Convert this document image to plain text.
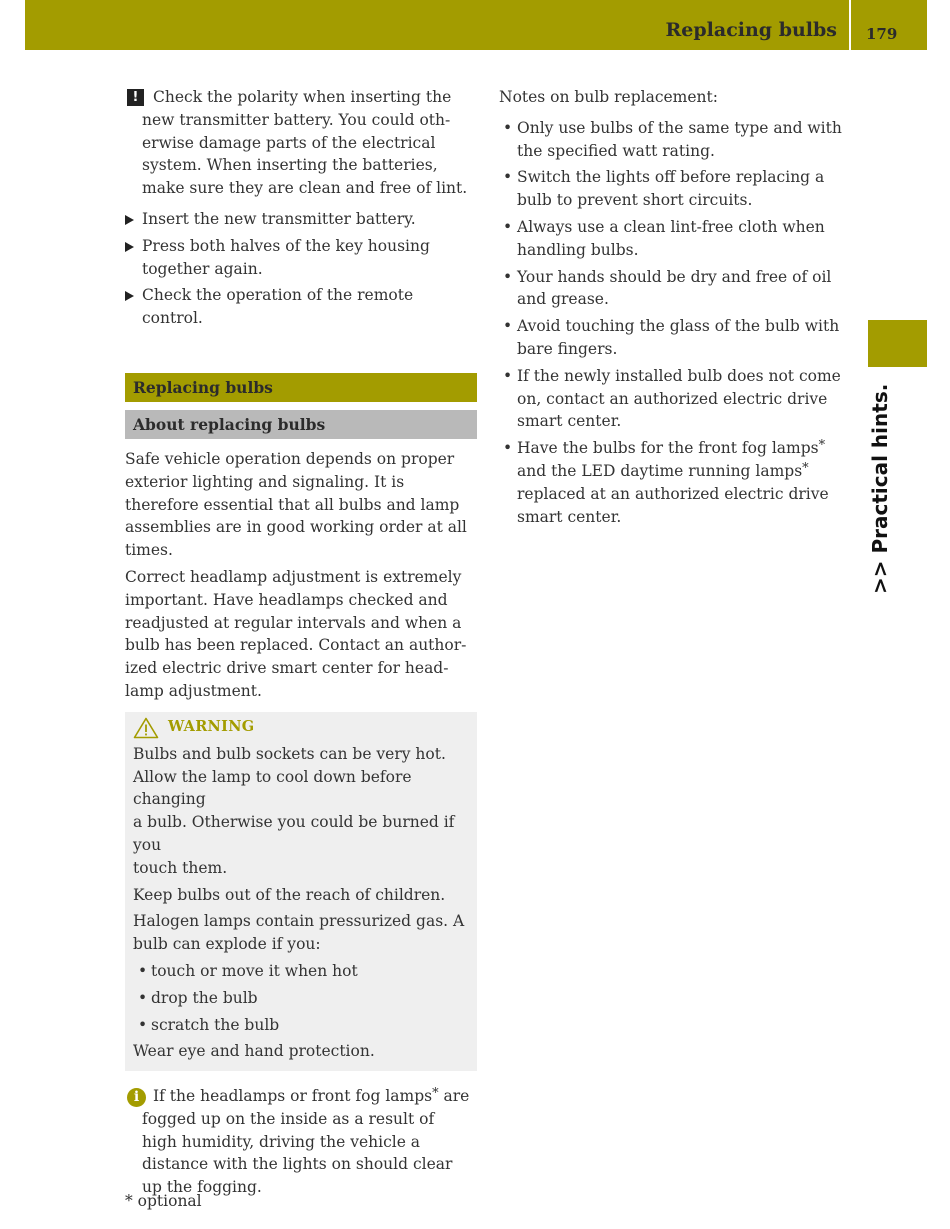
Replacing bulbs 179
>> Practical hints.
! Check the polarity when inserting the
new transmitter battery. You could oth-
erwise damage parts of the electrical
system. When inserting the batteries,
make sure they are clean and free of lint.
Insert the new transmitter battery.
Press both halves of the key housing
together again.
Check the operation of the remote
control.
Replacing bulbs
About replacing bulbs
Safe vehicle operation depends on proper
exterior lighting and signaling. It is
therefore essential that all bulbs and lamp
assemblies are in good working order at all
times.
Correct headlamp adjustment is extremely
important. Have headlamps checked and
readjusted at regular intervals and when a
bulb has been replaced. Contact an author-
ized electric drive smart center for head-
lamp adjustment.
WARNING

Bulbs and bulb sockets can be very hot.
Allow the lamp to cool down before changing
a bulb. Otherwise you could be burned if you
touch them.

Keep bulbs out of the reach of children.

Halogen lamps contain pressurized gas. A
bulb can explode if you:

• touch or move it when hot
• drop the bulb
• scratch the bulb

Wear eye and hand protection.

i If the headlamps or front fog lamps* are
fogged up on the inside as a result of
high humidity, driving the vehicle a
distance with the lights on should clear
up the fogging.
* optional
Notes on bulb replacement:
• Only use bulbs of the same type and with
the specified watt rating.
• Switch the lights off before replacing a
bulb to prevent short circuits.
• Always use a clean lint-free cloth when
handling bulbs.
• Your hands should be dry and free of oil
and grease.
• Avoid touching the glass of the bulb with
bare fingers.
• If the newly installed bulb does not come
on, contact an authorized electric drive
smart center.
• Have the bulbs for the front fog lamps*
and the LED daytime running lamps*
replaced at an authorized electric drive
smart center.
